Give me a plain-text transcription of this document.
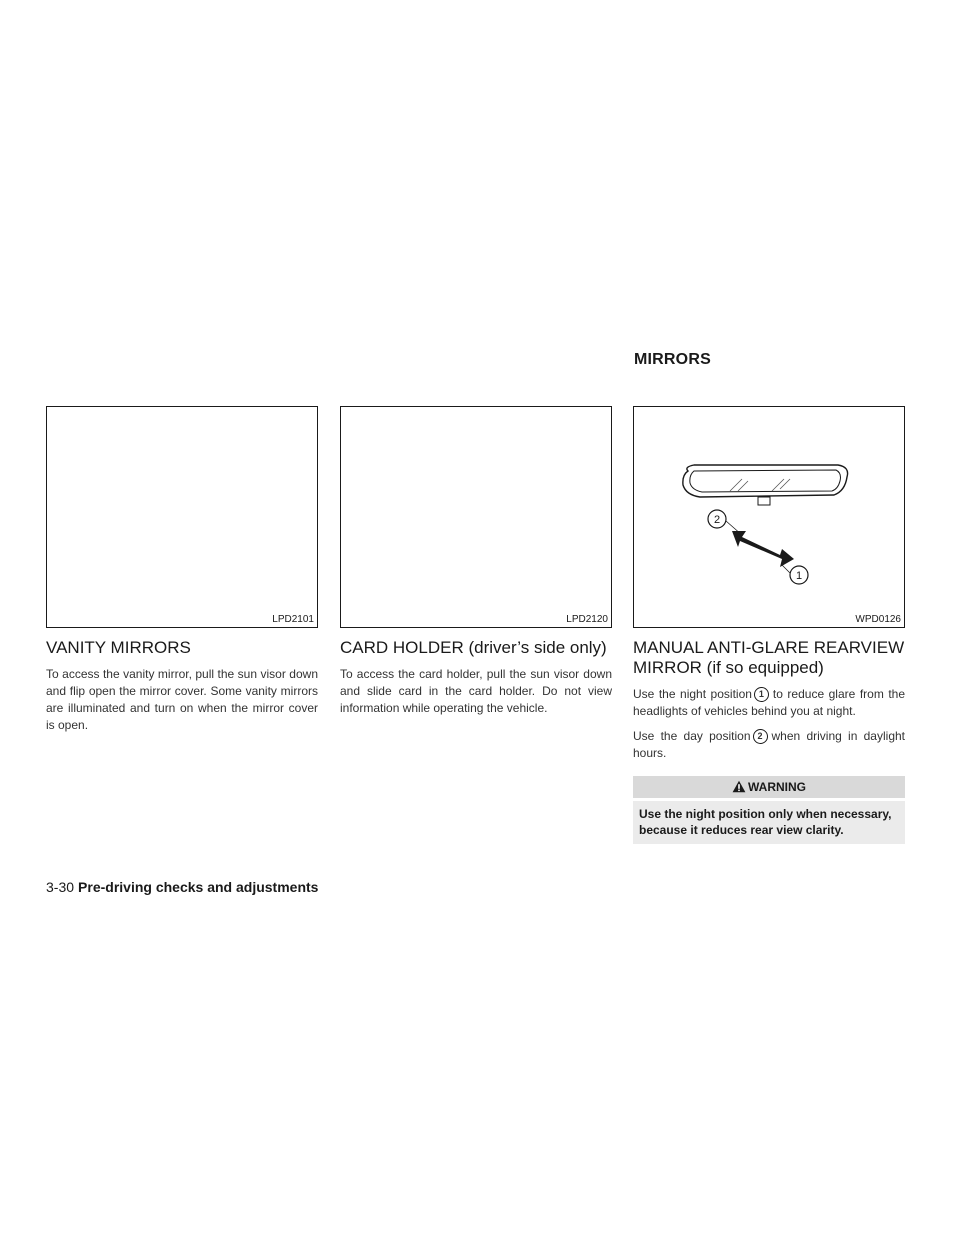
MIRRORS
LPD2101
VANITY MIRRORS

To access the vanity mirror, pull the sun visor down and flip open the mirror cover. Some vanity mirrors are illuminated and turn on when the mirror cover is open.

LPD2120
CARD HOLDER (driver’s side only)

To access the card holder, pull the sun visor down and slide card in the card holder. Do not view information while operating the vehicle.

2
1
WPD0126
MANUAL ANTI-GLARE REARVIEW
MIRROR (if so equipped)

Use the night position 1 to reduce glare from the headlights of vehicles behind you at night.

Use the day position 2 when driving in daylight hours.

WARNING
Use the night position only when necessary, because it reduces rear view clarity.
3-30 Pre-driving checks and adjustments
